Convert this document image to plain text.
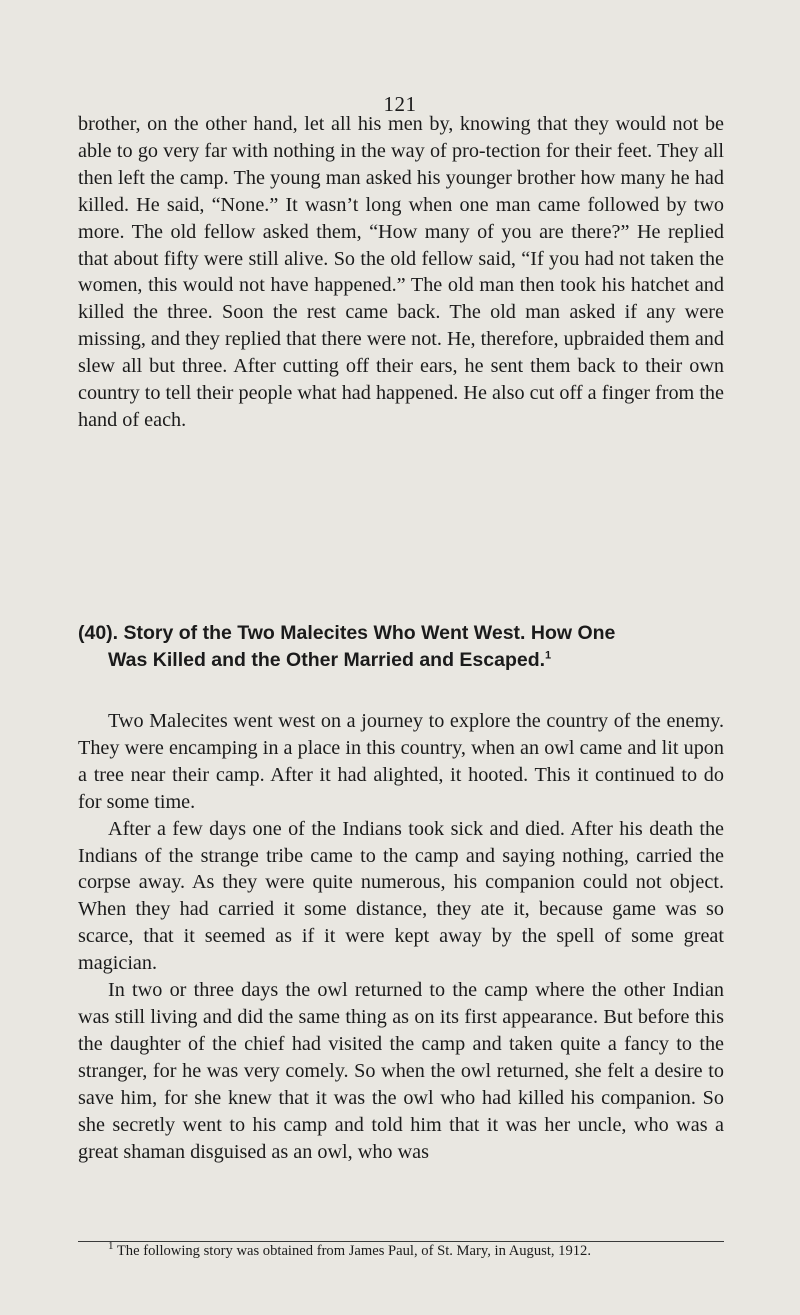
121

brother, on the other hand, let all his men by, knowing that they would not be able to go very far with nothing in the way of pro-tection for their feet. They all then left the camp. The young man asked his younger brother how many he had killed. He said, “None.” It wasn’t long when one man came followed by two more. The old fellow asked them, “How many of you are there?” He replied that about fifty were still alive. So the old fellow said, “If you had not taken the women, this would not have happened.” The old man then took his hatchet and killed the three. Soon the rest came back. The old man asked if any were missing, and they replied that there were not. He, therefore, upbraided them and slew all but three. After cutting off their ears, he sent them back to their own country to tell their people what had happened. He also cut off a finger from the hand of each.

(40). Story of the Two Malecites Who Went West. How One
Was Killed and the Other Married and Escaped.$^1$

Two Malecites went west on a journey to explore the country of the enemy. They were encamping in a place in this country, when an owl came and lit upon a tree near their camp. After it had alighted, it hooted. This it continued to do for some time.

After a few days one of the Indians took sick and died. After his death the Indians of the strange tribe came to the camp and saying nothing, carried the corpse away. As they were quite numerous, his companion could not object. When they had carried it some distance, they ate it, because game was so scarce, that it seemed as if it were kept away by the spell of some great magician.

In two or three days the owl returned to the camp where the other Indian was still living and did the same thing as on its first appearance. But before this the daughter of the chief had visited the camp and taken quite a fancy to the stranger, for he was very comely. So when the owl returned, she felt a desire to save him, for she knew that it was the owl who had killed his companion. So she secretly went to his camp and told him that it was her uncle, who was a great shaman disguised as an owl, who was

$^1$ The following story was obtained from James Paul, of St. Mary, in August, 1912.
